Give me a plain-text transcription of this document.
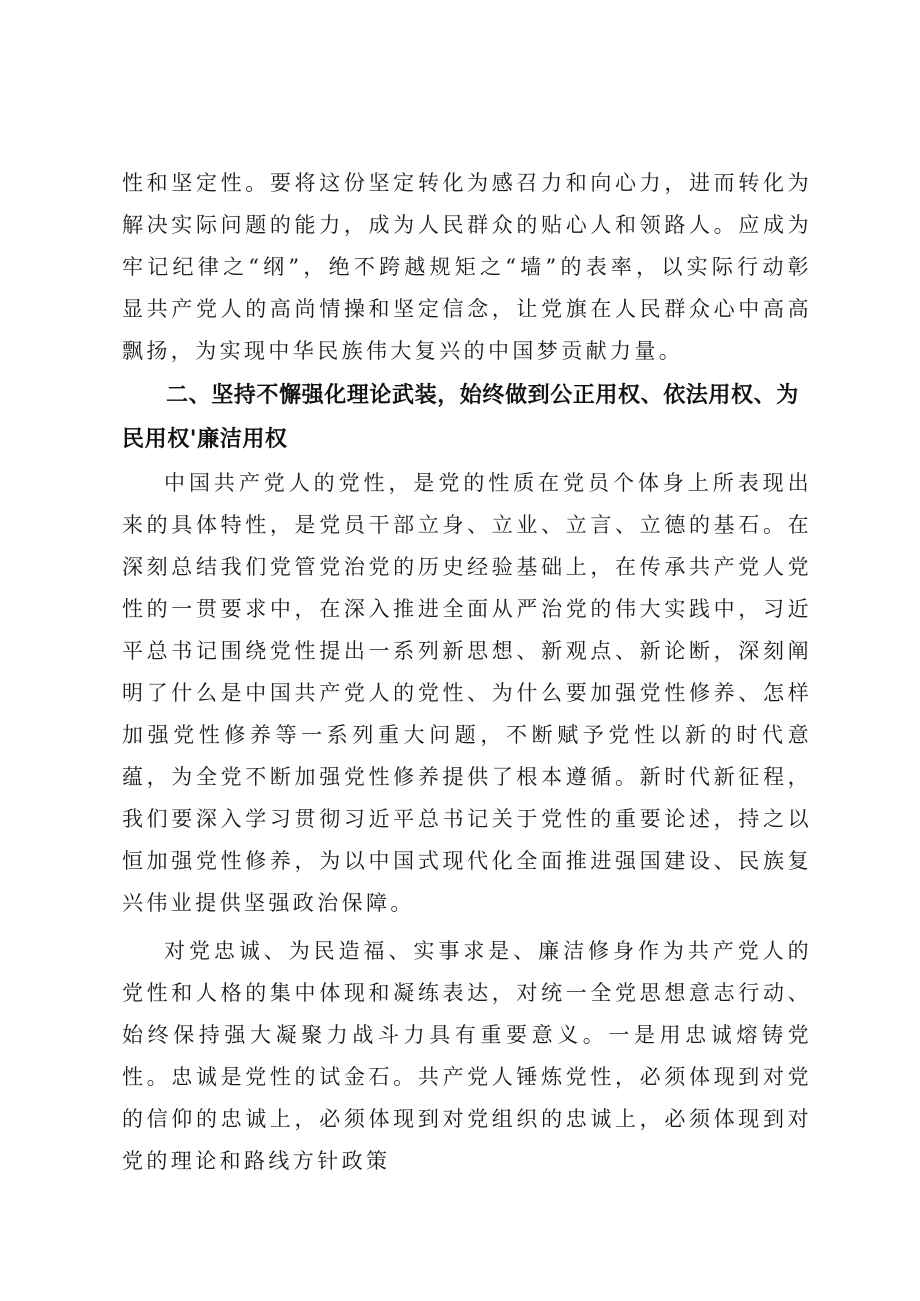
性和坚定性。要将这份坚定转化为感召力和向心力，进而转化为解决实际问题的能力，成为人民群众的贴心人和领路人。应成为牢记纪律之“纲”，绝不跨越规矩之“墙”的表率，以实际行动彰显共产党人的高尚情操和坚定信念，让党旗在人民群众心中高高飘扬，为实现中华民族伟大复兴的中国梦贡献力量。

二、坚持不懈强化理论武装，始终做到公正用权、依法用权、为民用权'廉洁用权

中国共产党人的党性，是党的性质在党员个体身上所表现出来的具体特性，是党员干部立身、立业、立言、立德的基石。在深刻总结我们党管党治党的历史经验基础上，在传承共产党人党性的一贯要求中，在深入推进全面从严治党的伟大实践中，习近平总书记围绕党性提出一系列新思想、新观点、新论断，深刻阐明了什么是中国共产党人的党性、为什么要加强党性修养、怎样加强党性修养等一系列重大问题，不断赋予党性以新的时代意蕴，为全党不断加强党性修养提供了根本遵循。新时代新征程，我们要深入学习贯彻习近平总书记关于党性的重要论述，持之以恒加强党性修养，为以中国式现代化全面推进强国建设、民族复兴伟业提供坚强政治保障。

对党忠诚、为民造福、实事求是、廉洁修身作为共产党人的党性和人格的集中体现和凝练表达，对统一全党思想意志行动、始终保持强大凝聚力战斗力具有重要意义。一是用忠诚熔铸党性。忠诚是党性的试金石。共产党人锤炼党性，必须体现到对党的信仰的忠诚上，必须体现到对党组织的忠诚上，必须体现到对党的理论和路线方针政策
